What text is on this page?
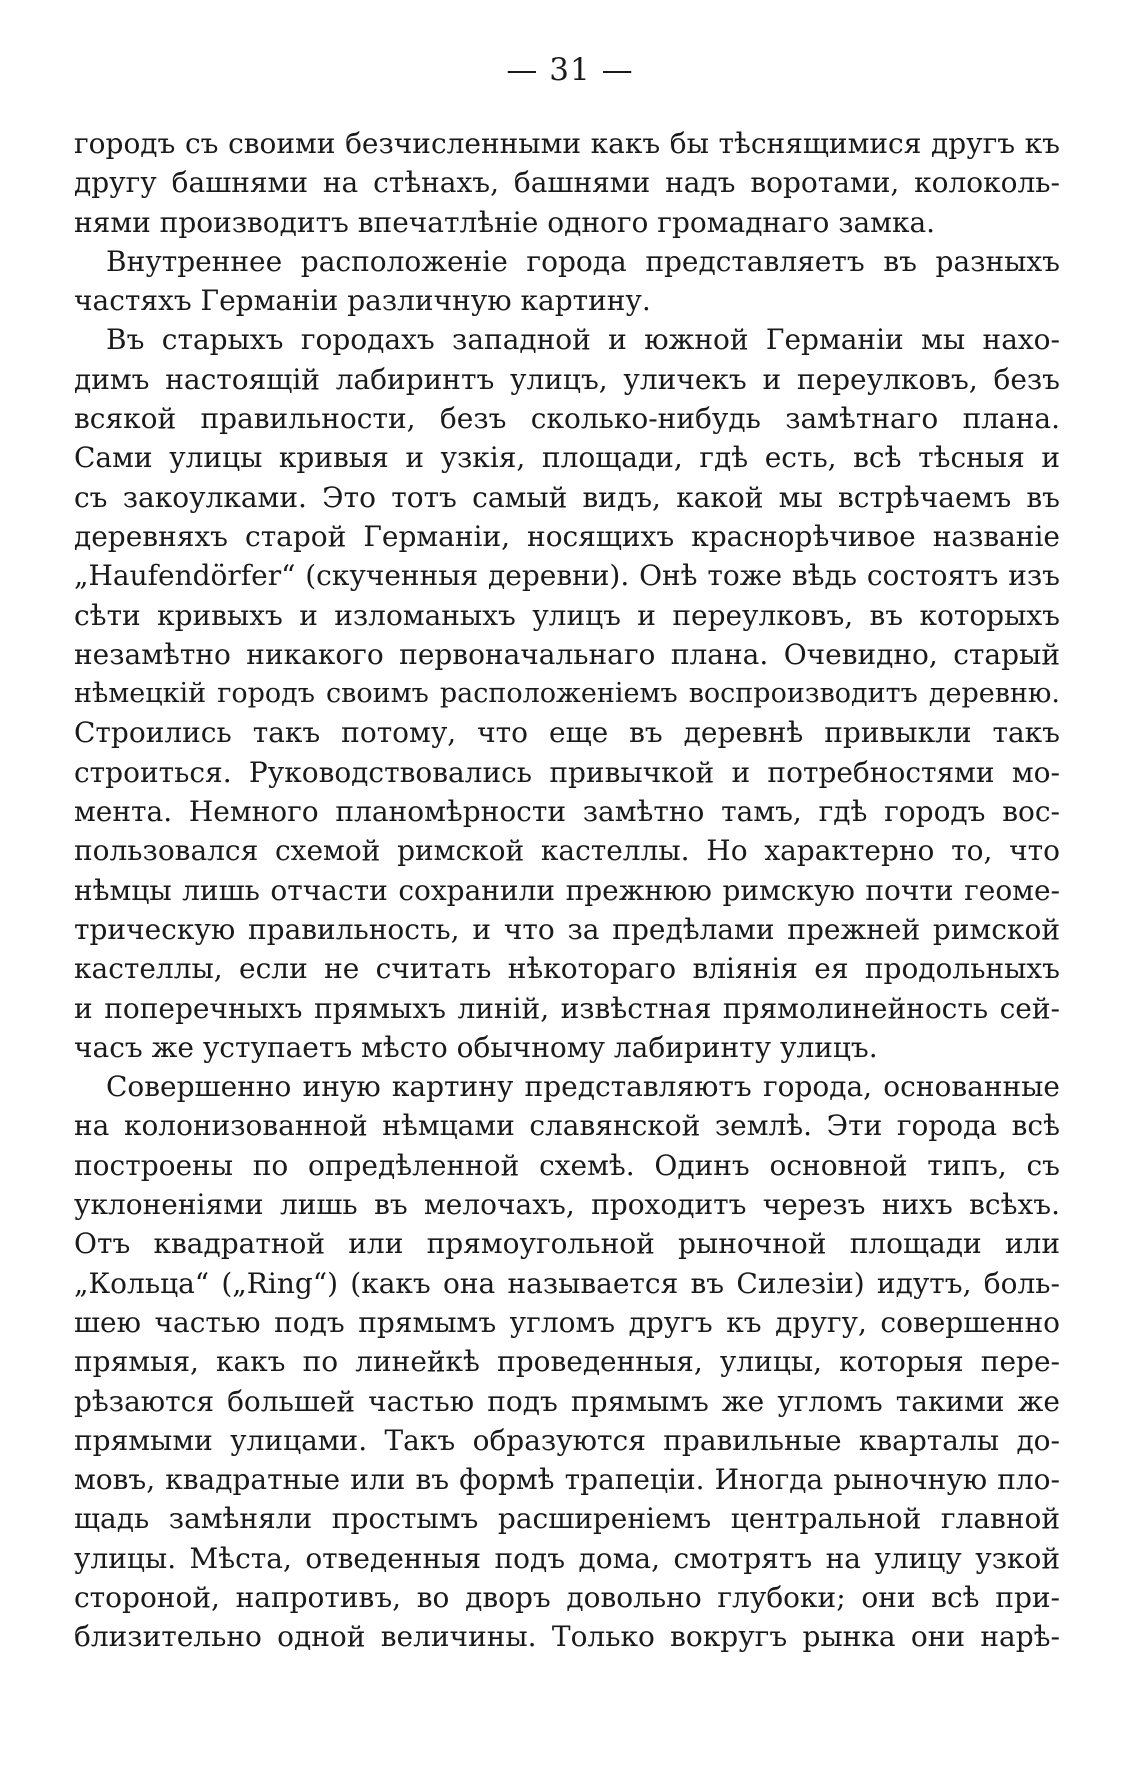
— 31 —
городъ съ своими безчисленными какъ бы тѣснящимися другъ къ
другу башнями на стѣнахъ, башнями надъ воротами, колоколь-
нями производитъ впечатлѣніе одного громаднаго замка.
Внутреннее расположеніе города представляетъ въ разныхъ
частяхъ Германіи различную картину.
Въ старыхъ городахъ западной и южной Германіи мы нахо-
димъ настоящій лабиринтъ улицъ, уличекъ и переулковъ, безъ
всякой правильности, безъ сколько-нибудь замѣтнаго плана.
Сами улицы кривыя и узкія, площади, гдѣ есть, всѣ тѣсныя и
съ закоулками. Это тотъ самый видъ, какой мы встрѣчаемъ въ
деревняхъ старой Германіи, носящихъ краснорѣчивое названіе
„Haufendörfer“ (скученныя деревни). Онѣ тоже вѣдь состоятъ изъ
сѣти кривыхъ и изломаныхъ улицъ и переулковъ, въ которыхъ
незамѣтно никакого первоначальнаго плана. Очевидно, старый
нѣмецкій городъ своимъ расположеніемъ воспроизводитъ деревню.
Строились такъ потому, что еще въ деревнѣ привыкли такъ
строиться. Руководствовались привычкой и потребностями мо-
мента. Немного планомѣрности замѣтно тамъ, гдѣ городъ вос-
пользовался схемой римской кастеллы. Но характерно то, что
нѣмцы лишь отчасти сохранили прежнюю римскую почти геоме-
трическую правильность, и что за предѣлами прежней римской
кастеллы, если не считать нѣкотораго вліянія ея продольныхъ
и поперечныхъ прямыхъ линій, извѣстная прямолинейность сей-
часъ же уступаетъ мѣсто обычному лабиринту улицъ.
Совершенно иную картину представляютъ города, основанные
на колонизованной нѣмцами славянской землѣ. Эти города всѣ
построены по опредѣленной схемѣ. Одинъ основной типъ, съ
уклоненіями лишь въ мелочахъ, проходитъ черезъ нихъ всѣхъ.
Отъ квадратной или прямоугольной рыночной площади или
„Кольца“ („Ring“) (какъ она называется въ Силезіи) идутъ, боль-
шею частью подъ прямымъ угломъ другъ къ другу, совершенно
прямыя, какъ по линейкѣ проведенныя, улицы, которыя пере-
рѣзаются большей частью подъ прямымъ же угломъ такими же
прямыми улицами. Такъ образуются правильные кварталы до-
мовъ, квадратные или въ формѣ трапеціи. Иногда рыночную пло-
щадь замѣняли простымъ расширеніемъ центральной главной
улицы. Мѣста, отведенныя подъ дома, смотрятъ на улицу узкой
стороной, напротивъ, во дворъ довольно глубоки; они всѣ при-
близительно одной величины. Только вокругъ рынка они нарѣ-
